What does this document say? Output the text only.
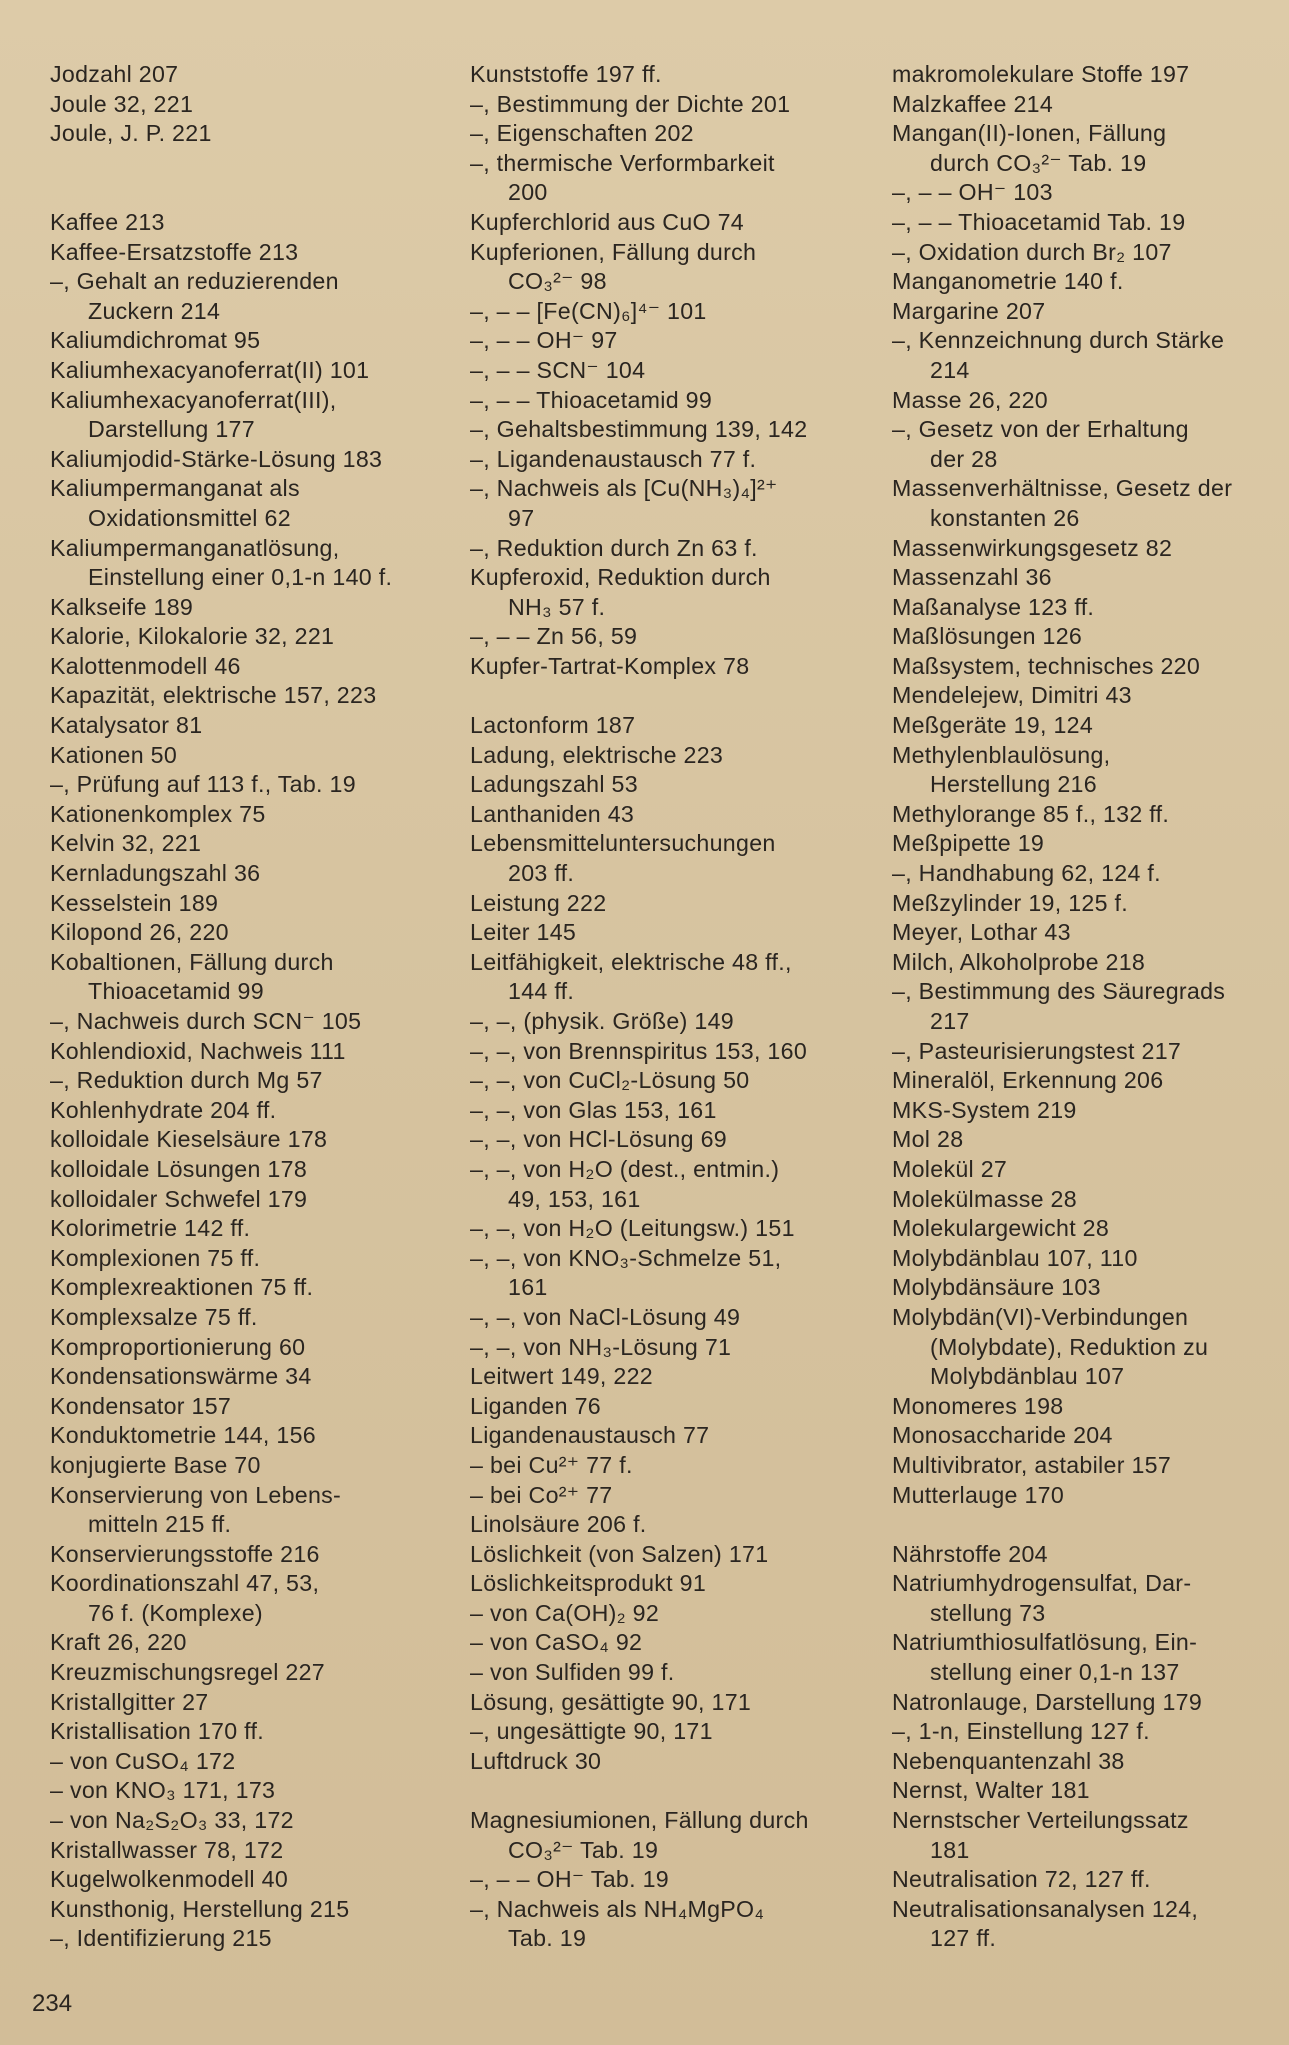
Jodzahl 207
Joule 32, 221
Joule, J. P. 221
Kaffee 213
Kaffee-Ersatzstoffe 213
–, Gehalt an reduzierenden
Zuckern 214
Kaliumdichromat 95
Kaliumhexacyanoferrat(II) 101
Kaliumhexacyanoferrat(III),
Darstellung 177
Kaliumjodid-Stärke-Lösung 183
Kaliumpermanganat als
Oxidationsmittel 62
Kaliumpermanganatlösung,
Einstellung einer 0,1-n 140 f.
Kalkseife 189
Kalorie, Kilokalorie 32, 221
Kalottenmodell 46
Kapazität, elektrische 157, 223
Katalysator 81
Kationen 50
–, Prüfung auf 113 f., Tab. 19
Kationenkomplex 75
Kelvin 32, 221
Kernladungszahl 36
Kesselstein 189
Kilopond 26, 220
Kobaltionen, Fällung durch
Thioacetamid 99
–, Nachweis durch SCN⁻ 105
Kohlendioxid, Nachweis 111
–, Reduktion durch Mg 57
Kohlenhydrate 204 ff.
kolloidale Kieselsäure 178
kolloidale Lösungen 178
kolloidaler Schwefel 179
Kolorimetrie 142 ff.
Komplexionen 75 ff.
Komplexreaktionen 75 ff.
Komplexsalze 75 ff.
Komproportionierung 60
Kondensationswärme 34
Kondensator 157
Konduktometrie 144, 156
konjugierte Base 70
Konservierung von Lebens-
mitteln 215 ff.
Konservierungsstoffe 216
Koordinationszahl 47, 53,
76 f. (Komplexe)
Kraft 26, 220
Kreuzmischungsregel 227
Kristallgitter 27
Kristallisation 170 ff.
– von CuSO₄ 172
– von KNO₃ 171, 173
– von Na₂S₂O₃ 33, 172
Kristallwasser 78, 172
Kugelwolkenmodell 40
Kunsthonig, Herstellung 215
–, Identifizierung 215
Kunststoffe 197 ff.
–, Bestimmung der Dichte 201
–, Eigenschaften 202
–, thermische Verformbarkeit
200
Kupferchlorid aus CuO 74
Kupferionen, Fällung durch
CO₃²⁻ 98
–, – – [Fe(CN)₆]⁴⁻ 101
–, – – OH⁻ 97
–, – – SCN⁻ 104
–, – – Thioacetamid 99
–, Gehaltsbestimmung 139, 142
–, Ligandenaustausch 77 f.
–, Nachweis als [Cu(NH₃)₄]²⁺
97
–, Reduktion durch Zn 63 f.
Kupferoxid, Reduktion durch
NH₃ 57 f.
–, – – Zn 56, 59
Kupfer-Tartrat-Komplex 78
Lactonform 187
Ladung, elektrische 223
Ladungszahl 53
Lanthaniden 43
Lebensmitteluntersuchungen
203 ff.
Leistung 222
Leiter 145
Leitfähigkeit, elektrische 48 ff.,
144 ff.
–, –, (physik. Größe) 149
–, –, von Brennspiritus 153, 160
–, –, von CuCl₂-Lösung 50
–, –, von Glas 153, 161
–, –, von HCl-Lösung 69
–, –, von H₂O (dest., entmin.)
49, 153, 161
–, –, von H₂O (Leitungsw.) 151
–, –, von KNO₃-Schmelze 51,
161
–, –, von NaCl-Lösung 49
–, –, von NH₃-Lösung 71
Leitwert 149, 222
Liganden 76
Ligandenaustausch 77
– bei Cu²⁺ 77 f.
– bei Co²⁺ 77
Linolsäure 206 f.
Löslichkeit (von Salzen) 171
Löslichkeitsprodukt 91
– von Ca(OH)₂ 92
– von CaSO₄ 92
– von Sulfiden 99 f.
Lösung, gesättigte 90, 171
–, ungesättigte 90, 171
Luftdruck 30
Magnesiumionen, Fällung durch
CO₃²⁻ Tab. 19
–, – – OH⁻ Tab. 19
–, Nachweis als NH₄MgPO₄
Tab. 19
makromolekulare Stoffe 197
Malzkaffee 214
Mangan(II)-Ionen, Fällung
durch CO₃²⁻ Tab. 19
–, – – OH⁻ 103
–, – – Thioacetamid Tab. 19
–, Oxidation durch Br₂ 107
Manganometrie 140 f.
Margarine 207
–, Kennzeichnung durch Stärke
214
Masse 26, 220
–, Gesetz von der Erhaltung
der 28
Massenverhältnisse, Gesetz der
konstanten 26
Massenwirkungsgesetz 82
Massenzahl 36
Maßanalyse 123 ff.
Maßlösungen 126
Maßsystem, technisches 220
Mendelejew, Dimitri 43
Meßgeräte 19, 124
Methylenblaulösung,
Herstellung 216
Methylorange 85 f., 132 ff.
Meßpipette 19
–, Handhabung 62, 124 f.
Meßzylinder 19, 125 f.
Meyer, Lothar 43
Milch, Alkoholprobe 218
–, Bestimmung des Säuregrads
217
–, Pasteurisierungstest 217
Mineralöl, Erkennung 206
MKS-System 219
Mol 28
Molekül 27
Molekülmasse 28
Molekulargewicht 28
Molybdänblau 107, 110
Molybdänsäure 103
Molybdän(VI)-Verbindungen
(Molybdate), Reduktion zu
Molybdänblau 107
Monomeres 198
Monosaccharide 204
Multivibrator, astabiler 157
Mutterlauge 170
Nährstoffe 204
Natriumhydrogensulfat, Dar-
stellung 73
Natriumthiosulfatlösung, Ein-
stellung einer 0,1-n 137
Natronlauge, Darstellung 179
–, 1-n, Einstellung 127 f.
Nebenquantenzahl 38
Nernst, Walter 181
Nernstscher Verteilungssatz
181
Neutralisation 72, 127 ff.
Neutralisationsanalysen 124,
127 ff.
234
